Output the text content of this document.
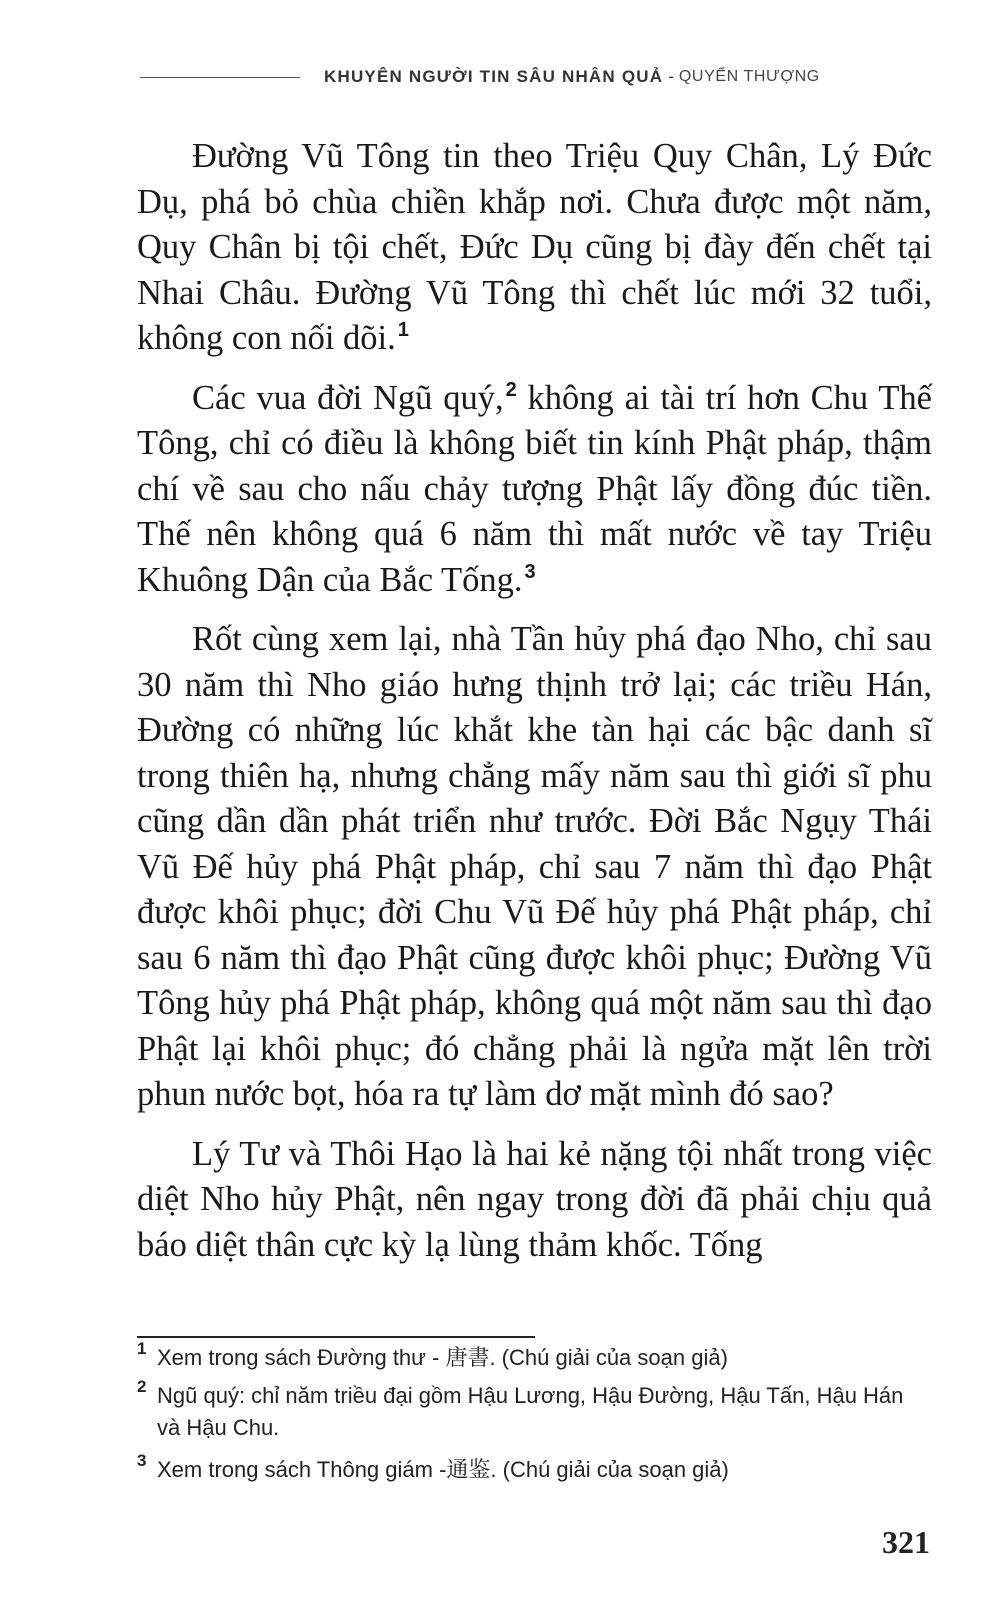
KHUYÊN NGƯỜI TIN SÂU NHÂN QUẢ - QUYỂN THƯỢNG

Đường Vũ Tông tin theo Triệu Quy Chân, Lý Đức Dụ, phá bỏ chùa chiền khắp nơi. Chưa được một năm, Quy Chân bị tội chết, Đức Dụ cũng bị đày đến chết tại Nhai Châu. Đường Vũ Tông thì chết lúc mới 32 tuổi, không con nối dõi. $^1$

Các vua đời Ngũ quý, $^2$ không ai tài trí hơn Chu Thế Tông, chỉ có điều là không biết tin kính Phật pháp, thậm chí về sau cho nấu chảy tượng Phật lấy đồng đúc tiền. Thế nên không quá 6 năm thì mất nước về tay Triệu Khuông Dận của Bắc Tống. $^3$

Rốt cùng xem lại, nhà Tần hủy phá đạo Nho, chỉ sau 30 năm thì Nho giáo hưng thịnh trở lại; các triều Hán, Đường có những lúc khắt khe tàn hại các bậc danh sĩ trong thiên hạ, nhưng chẳng mấy năm sau thì giới sĩ phu cũng dần dần phát triển như trước. Đời Bắc Ngụy Thái Vũ Đế hủy phá Phật pháp, chỉ sau 7 năm thì đạo Phật được khôi phục; đời Chu Vũ Đế hủy phá Phật pháp, chỉ sau 6 năm thì đạo Phật cũng được khôi phục; Đường Vũ Tông hủy phá Phật pháp, không quá một năm sau thì đạo Phật lại khôi phục; đó chẳng phải là ngửa mặt lên trời phun nước bọt, hóa ra tự làm dơ mặt mình đó sao?

Lý Tư và Thôi Hạo là hai kẻ nặng tội nhất trong việc diệt Nho hủy Phật, nên ngay trong đời đã phải chịu quả báo diệt thân cực kỳ lạ lùng thảm khốc. Tống

1 Xem trong sách Đường thư - 唐書. (Chú giải của soạn giả)
2 Ngũ quý: chỉ năm triều đại gồm Hậu Lương, Hậu Đường, Hậu Tấn, Hậu Hán và Hậu Chu.
3 Xem trong sách Thông giám -通鉴. (Chú giải của soạn giả)
321
